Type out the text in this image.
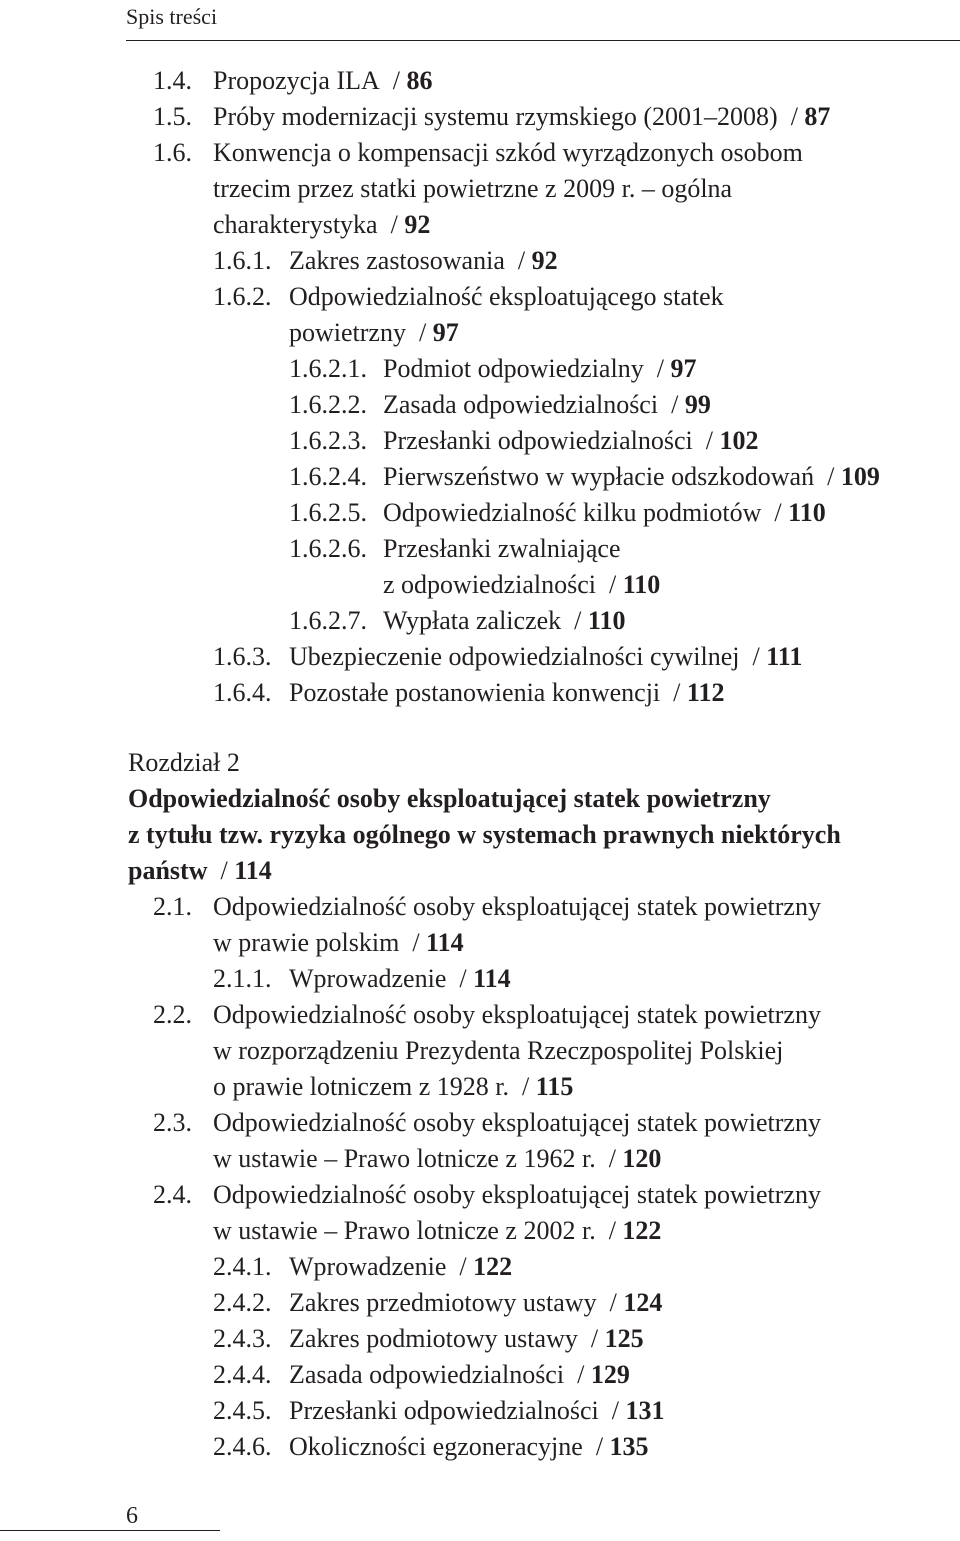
Spis treści
1.4. Propozycja ILA  / 86
1.5. Próby modernizacji systemu rzymskiego (2001–2008)  / 87
1.6. Konwencja o kompensacji szkód wyrządzonych osobom
trzecim przez statki powietrzne z 2009 r. – ogólna
charakterystyka  / 92
1.6.1. Zakres zastosowania  / 92
1.6.2. Odpowiedzialność eksploatującego statek
powietrzny  / 97
1.6.2.1. Podmiot odpowiedzialny  / 97
1.6.2.2. Zasada odpowiedzialności  / 99
1.6.2.3. Przesłanki odpowiedzialności  / 102
1.6.2.4. Pierwszeństwo w wypłacie odszkodowań  / 109
1.6.2.5. Odpowiedzialność kilku podmiotów  / 110
1.6.2.6. Przesłanki zwalniające
z odpowiedzialności  / 110
1.6.2.7. Wypłata zaliczek  / 110
1.6.3. Ubezpieczenie odpowiedzialności cywilnej  / 111
1.6.4. Pozostałe postanowienia konwencji  / 112
Rozdział 2
Odpowiedzialność osoby eksploatującej statek powietrzny
z tytułu tzw. ryzyka ogólnego w systemach prawnych niektórych
państw  / 114
2.1. Odpowiedzialność osoby eksploatującej statek powietrzny
w prawie polskim  / 114
2.1.1. Wprowadzenie  / 114
2.2. Odpowiedzialność osoby eksploatującej statek powietrzny
w rozporządzeniu Prezydenta Rzeczpospolitej Polskiej
o prawie lotniczem z 1928 r.  / 115
2.3. Odpowiedzialność osoby eksploatującej statek powietrzny
w ustawie – Prawo lotnicze z 1962 r.  / 120
2.4. Odpowiedzialność osoby eksploatującej statek powietrzny
w ustawie – Prawo lotnicze z 2002 r.  / 122
2.4.1. Wprowadzenie  / 122
2.4.2. Zakres przedmiotowy ustawy  / 124
2.4.3. Zakres podmiotowy ustawy  / 125
2.4.4. Zasada odpowiedzialności  / 129
2.4.5. Przesłanki odpowiedzialności  / 131
2.4.6. Okoliczności egzoneracyjne  / 135
6
